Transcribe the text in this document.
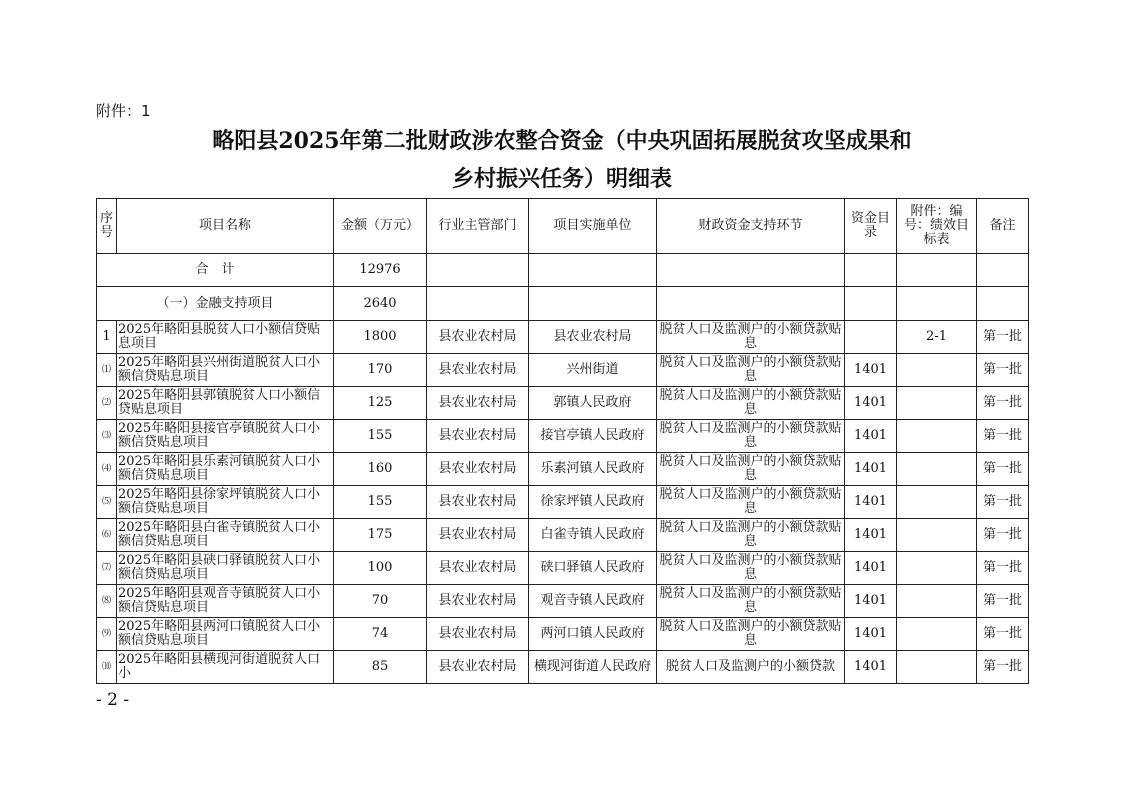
附件：1
略阳县2025年第二批财政涉农整合资金（中央巩固拓展脱贫攻坚成果和
乡村振兴任务）明细表
序号	项目名称	金额（万元）	行业主管部门	项目实施单位	财政资金支持环节	资金目录	附件：编号：绩效目标表	备注
合　计		12976						
（一）金融支持项目		2640						
1	2025年略阳县脱贫人口小额信贷贴息项目	1800	县农业农村局	县农业农村局	脱贫人口及监测户的小额贷款贴息		2-1	第一批
⑴	2025年略阳县兴州街道脱贫人口小额信贷贴息项目	170	县农业农村局	兴州街道	脱贫人口及监测户的小额贷款贴息	1401		第一批
⑵	2025年略阳县郭镇脱贫人口小额信贷贴息项目	125	县农业农村局	郭镇人民政府	脱贫人口及监测户的小额贷款贴息	1401		第一批
⑶	2025年略阳县接官亭镇脱贫人口小额信贷贴息项目	155	县农业农村局	接官亭镇人民政府	脱贫人口及监测户的小额贷款贴息	1401		第一批
⑷	2025年略阳县乐素河镇脱贫人口小额信贷贴息项目	160	县农业农村局	乐素河镇人民政府	脱贫人口及监测户的小额贷款贴息	1401		第一批
⑸	2025年略阳县徐家坪镇脱贫人口小额信贷贴息项目	155	县农业农村局	徐家坪镇人民政府	脱贫人口及监测户的小额贷款贴息	1401		第一批
⑹	2025年略阳县白雀寺镇脱贫人口小额信贷贴息项目	175	县农业农村局	白雀寺镇人民政府	脱贫人口及监测户的小额贷款贴息	1401		第一批
⑺	2025年略阳县硖口驿镇脱贫人口小额信贷贴息项目	100	县农业农村局	硖口驿镇人民政府	脱贫人口及监测户的小额贷款贴息	1401		第一批
⑻	2025年略阳县观音寺镇脱贫人口小额信贷贴息项目	70	县农业农村局	观音寺镇人民政府	脱贫人口及监测户的小额贷款贴息	1401		第一批
⑼	2025年略阳县两河口镇脱贫人口小额信贷贴息项目	74	县农业农村局	两河口镇人民政府	脱贫人口及监测户的小额贷款贴息	1401		第一批
⑽	2025年略阳县横现河街道脱贫人口小	85	县农业农村局	横现河街道人民政府	脱贫人口及监测户的小额贷款	1401		第一批
- 2 -
